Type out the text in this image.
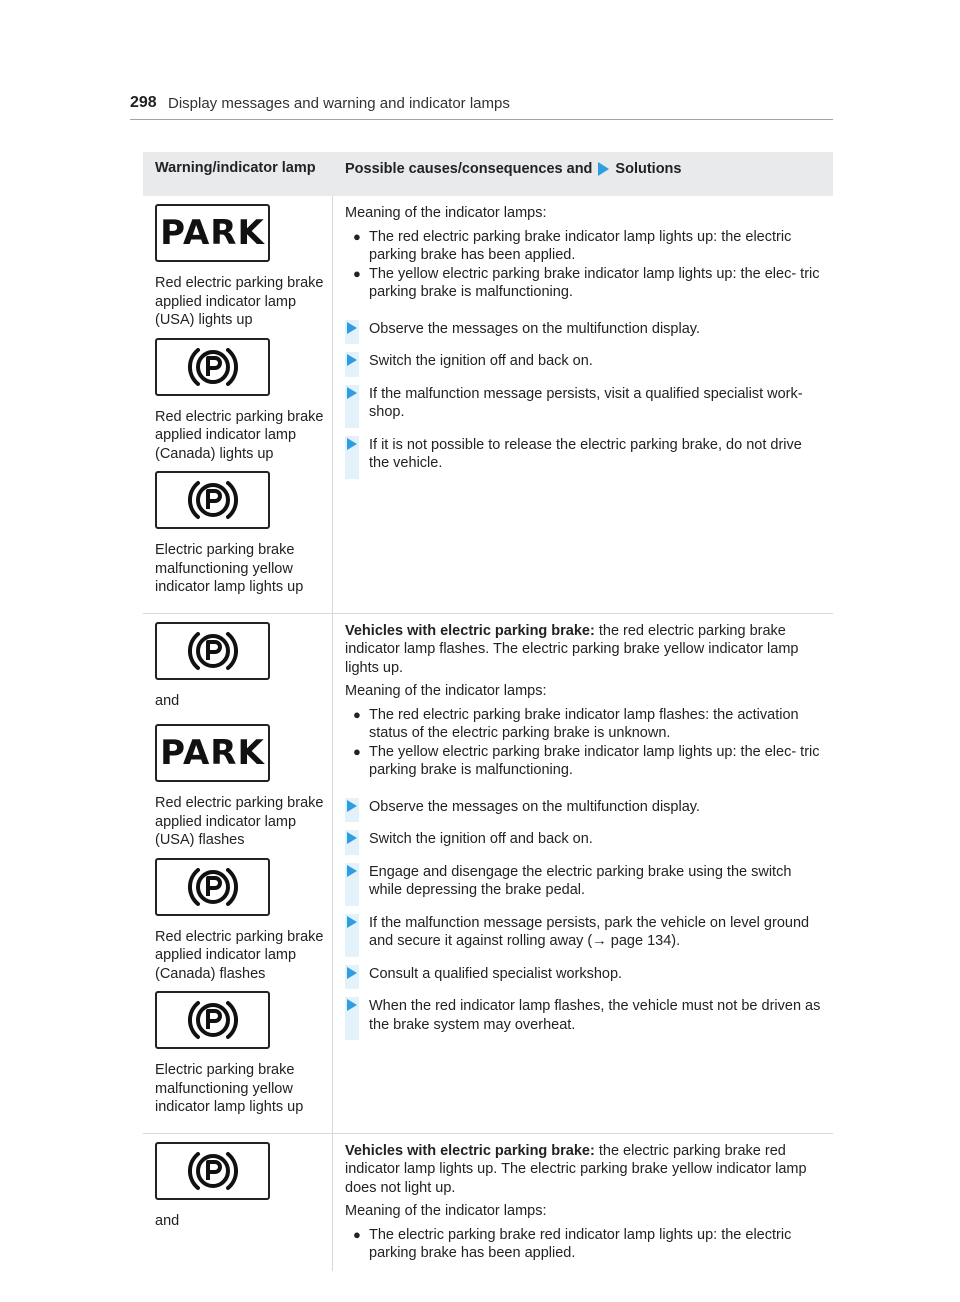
298 Display messages and warning and indicator lamps
Warning/indicator lamp	Possible causes/consequences and Solutions
PARK
Red electric parking brake applied indicator lamp (USA) lights up
Red electric parking brake applied indicator lamp (Canada) lights up
Electric parking brake malfunctioning yellow indicator lamp lights up
Meaning of the indicator lamps:
● The red electric parking brake indicator lamp lights up: the electric parking brake has been applied.
● The yellow electric parking brake indicator lamp lights up: the elec- tric parking brake is malfunctioning.
Observe the messages on the multifunction display.
Switch the ignition off and back on.
If the malfunction message persists, visit a qualified specialist work- shop.
If it is not possible to release the electric parking brake, do not drive the vehicle.
and
PARK
Red electric parking brake applied indicator lamp (USA) flashes
Red electric parking brake applied indicator lamp (Canada) flashes
Electric parking brake malfunctioning yellow indicator lamp lights up
Vehicles with electric parking brake: the red electric parking brake indicator lamp flashes. The electric parking brake yellow indicator lamp lights up.
Meaning of the indicator lamps:
● The red electric parking brake indicator lamp flashes: the activation status of the electric parking brake is unknown.
● The yellow electric parking brake indicator lamp lights up: the elec- tric parking brake is malfunctioning.
Observe the messages on the multifunction display.
Switch the ignition off and back on.
Engage and disengage the electric parking brake using the switch while depressing the brake pedal.
If the malfunction message persists, park the vehicle on level ground and secure it against rolling away (→ page 134).
Consult a qualified specialist workshop.
When the red indicator lamp flashes, the vehicle must not be driven as the brake system may overheat.
and
Vehicles with electric parking brake: the electric parking brake red indicator lamp lights up. The electric parking brake yellow indicator lamp does not light up.
Meaning of the indicator lamps:
● The electric parking brake red indicator lamp lights up: the electric parking brake has been applied.
